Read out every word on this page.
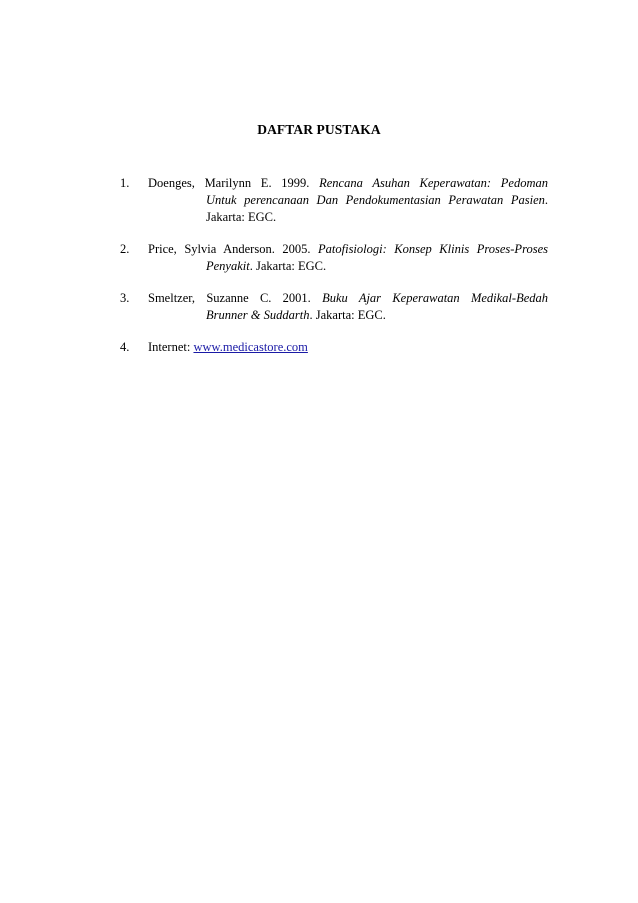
DAFTAR PUSTAKA
1. Doenges, Marilynn E. 1999. Rencana Asuhan Keperawatan: Pedoman
Untuk perencanaan Dan Pendokumentasian Perawatan Pasien.
Jakarta: EGC.
2. Price, Sylvia Anderson. 2005. Patofisiologi: Konsep Klinis Proses-Proses
Penyakit. Jakarta: EGC.
3. Smeltzer, Suzanne C. 2001. Buku Ajar Keperawatan Medikal-Bedah
Brunner & Suddarth. Jakarta: EGC.
4. Internet: www.medicastore.com
